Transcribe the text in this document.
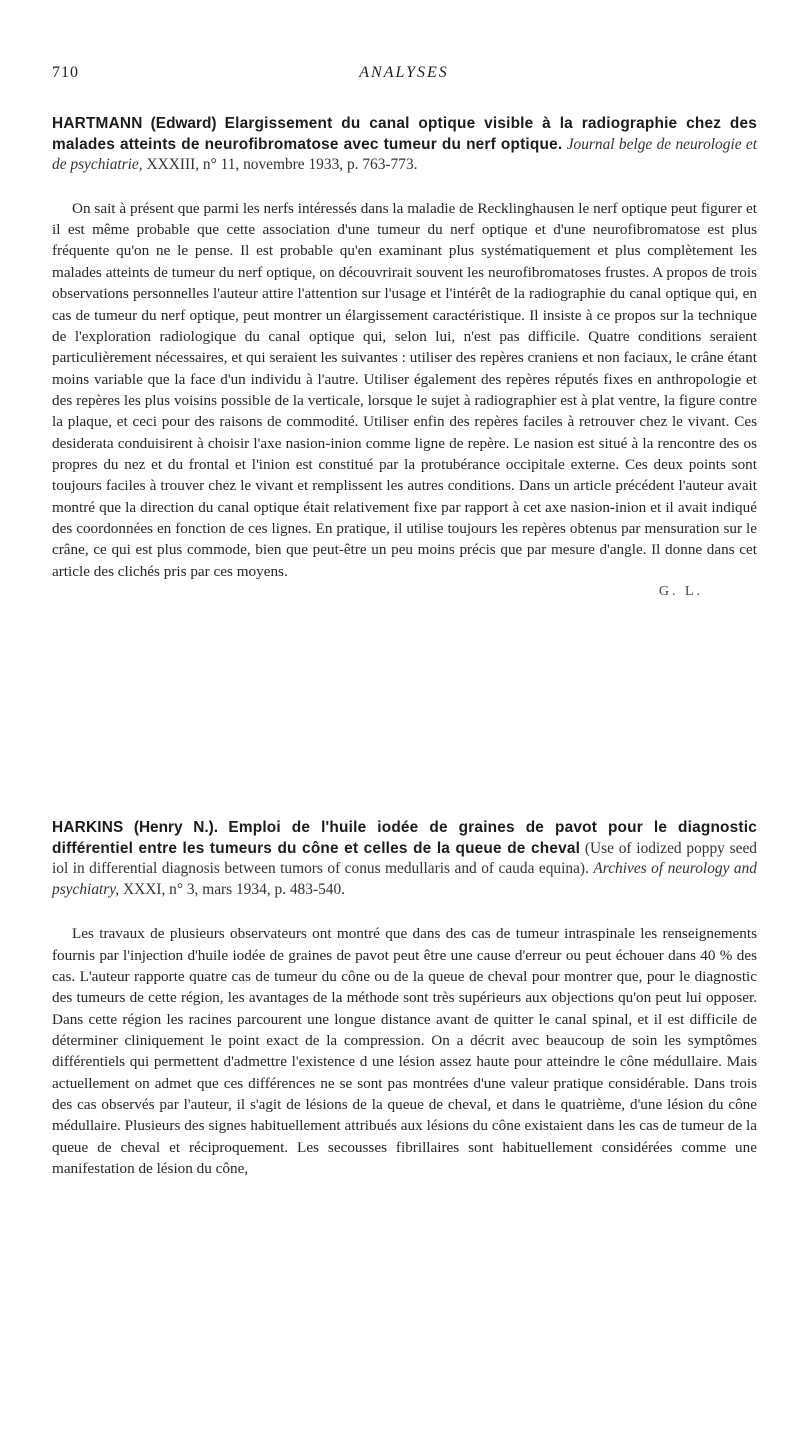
710	ANALYSES

HARTMANN (Edward) Elargissement du canal optique visible à la radiographie chez des malades atteints de neurofibromatose avec tumeur du nerf optique. Journal belge de neurologie et de psychiatrie, XXXIII, n° 11, novembre 1933, p. 763-773.

On sait à présent que parmi les nerfs intéressés dans la maladie de Recklinghausen le nerf optique peut figurer et il est même probable que cette association d'une tumeur du nerf optique et d'une neurofibromatose est plus fréquente qu'on ne le pense. Il est probable qu'en examinant plus systématiquement et plus complètement les malades atteints de tumeur du nerf optique, on découvrirait souvent les neurofibromatoses frustes. A propos de trois observations personnelles l'auteur attire l'attention sur l'usage et l'intérêt de la radiographie du canal optique qui, en cas de tumeur du nerf optique, peut montrer un élargissement caractéristique. Il insiste à ce propos sur la technique de l'exploration radiologique du canal optique qui, selon lui, n'est pas difficile. Quatre conditions seraient particulièrement nécessaires, et qui seraient les suivantes : utiliser des repères craniens et non faciaux, le crâne étant moins variable que la face d'un individu à l'autre. Utiliser également des repères réputés fixes en anthropologie et des repères les plus voisins possible de la verticale, lorsque le sujet à radiographier est à plat ventre, la figure contre la plaque, et ceci pour des raisons de commodité. Utiliser enfin des repères faciles à retrouver chez le vivant. Ces desiderata conduisirent à choisir l'axe nasion-inion comme ligne de repère. Le nasion est situé à la rencontre des os propres du nez et du frontal et l'inion est constitué par la protubérance occipitale externe. Ces deux points sont toujours faciles à trouver chez le vivant et remplissent les autres conditions. Dans un article précédent l'auteur avait montré que la direction du canal optique était relativement fixe par rapport à cet axe nasion-inion et il avait indiqué des coordonnées en fonction de ces lignes. En pratique, il utilise toujours les repères obtenus par mensuration sur le crâne, ce qui est plus commode, bien que peut-être un peu moins précis que par mesure d'angle. Il donne dans cet article des clichés pris par ces moyens.

G. L.

HARKINS (Henry N.). Emploi de l'huile iodée de graines de pavot pour le diagnostic différentiel entre les tumeurs du cône et celles de la queue de cheval (Use of iodized poppy seed iol in differential diagnosis between tumors of conus medullaris and of cauda equina). Archives of neurology and psychiatry, XXXI, n° 3, mars 1934, p. 483-540.

Les travaux de plusieurs observateurs ont montré que dans des cas de tumeur intraspinale les renseignements fournis par l'injection d'huile iodée de graines de pavot peut être une cause d'erreur ou peut échouer dans 40 % des cas. L'auteur rapporte quatre cas de tumeur du cône ou de la queue de cheval pour montrer que, pour le diagnostic des tumeurs de cette région, les avantages de la méthode sont très supérieurs aux objections qu'on peut lui opposer. Dans cette région les racines parcourent une longue distance avant de quitter le canal spinal, et il est difficile de déterminer cliniquement le point exact de la compression. On a décrit avec beaucoup de soin les symptômes différentiels qui permettent d'admettre l'existence d une lésion assez haute pour atteindre le cône médullaire. Mais actuellement on admet que ces différences ne se sont pas montrées d'une valeur pratique considérable. Dans trois des cas observés par l'auteur, il s'agit de lésions de la queue de cheval, et dans le quatrième, d'une lésion du cône médullaire. Plusieurs des signes habituellement attribués aux lésions du cône existaient dans les cas de tumeur de la queue de cheval et réciproquement. Les secousses fibrillaires sont habituellement considérées comme une manifestation de lésion du cône,
